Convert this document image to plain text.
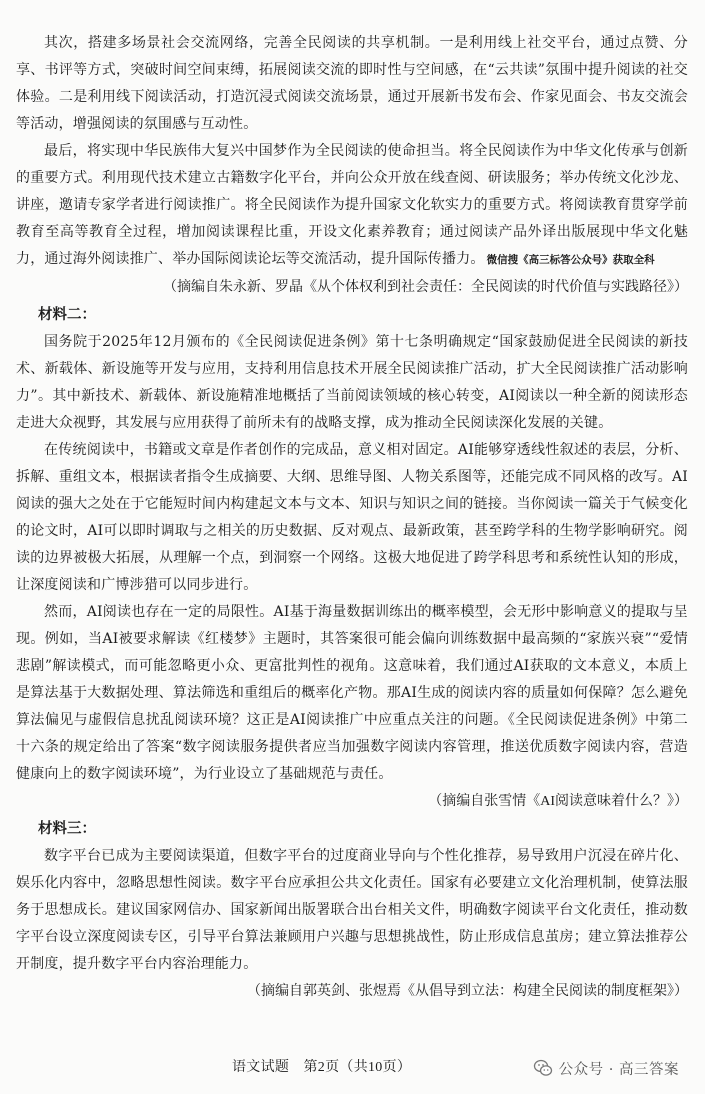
其次，搭建多场景社会交流网络，完善全民阅读的共享机制。一是利用线上社交平台，通过点赞、分享、书评等方式，突破时间空间束缚，拓展阅读交流的即时性与空间感，在“云共读”氛围中提升阅读的社交体验。二是利用线下阅读活动，打造沉浸式阅读交流场景，通过开展新书发布会、作家见面会、书友交流会等活动，增强阅读的氛围感与互动性。

最后，将实现中华民族伟大复兴中国梦作为全民阅读的使命担当。将全民阅读作为中华文化传承与创新的重要方式。利用现代技术建立古籍数字化平台，并向公众开放在线查阅、研读服务；举办传统文化沙龙、讲座，邀请专家学者进行阅读推广。将全民阅读作为提升国家文化软实力的重要方式。将阅读教育贯穿学前教育至高等教育全过程，增加阅读课程比重，开设文化素养教育；通过阅读产品外译出版展现中华文化魅力，通过海外阅读推广、举办国际阅读论坛等交流活动，提升国际传播力。 微信搜《高三标答公众号》获取全科

（摘编自朱永新、罗晶《从个体权利到社会责任：全民阅读的时代价值与实践路径》）
材料二：

国务院于2025年12月颁布的《全民阅读促进条例》第十七条明确规定“国家鼓励促进全民阅读的新技术、新载体、新设施等开发与应用，支持利用信息技术开展全民阅读推广活动，扩大全民阅读推广活动影响力”。其中新技术、新载体、新设施精准地概括了当前阅读领域的核心转变，AI阅读以一种全新的阅读形态走进大众视野，其发展与应用获得了前所未有的战略支撑，成为推动全民阅读深化发展的关键。

在传统阅读中，书籍或文章是作者创作的完成品，意义相对固定。AI能够穿透线性叙述的表层，分析、拆解、重组文本，根据读者指令生成摘要、大纲、思维导图、人物关系图等，还能完成不同风格的改写。AI阅读的强大之处在于它能短时间内构建起文本与文本、知识与知识之间的链接。当你阅读一篇关于气候变化的论文时，AI可以即时调取与之相关的历史数据、反对观点、最新政策，甚至跨学科的生物学影响研究。阅读的边界被极大拓展，从理解一个点，到洞察一个网络。这极大地促进了跨学科思考和系统性认知的形成，让深度阅读和广博涉猎可以同步进行。

然而，AI阅读也存在一定的局限性。AI基于海量数据训练出的概率模型，会无形中影响意义的提取与呈现。例如，当AI被要求解读《红楼梦》主题时，其答案很可能会偏向训练数据中最高频的“家族兴衰”“爱情悲剧”解读模式，而可能忽略更小众、更富批判性的视角。这意味着，我们通过AI获取的文本意义，本质上是算法基于大数据处理、算法筛选和重组后的概率化产物。那AI生成的阅读内容的质量如何保障？怎么避免算法偏见与虚假信息扰乱阅读环境？这正是AI阅读推广中应重点关注的问题。《全民阅读促进条例》中第二十六条的规定给出了答案“数字阅读服务提供者应当加强数字阅读内容管理，推送优质数字阅读内容，营造健康向上的数字阅读环境”，为行业设立了基础规范与责任。

（摘编自张雪情《AI阅读意味着什么？》）
材料三：

数字平台已成为主要阅读渠道，但数字平台的过度商业导向与个性化推荐，易导致用户沉浸在碎片化、娱乐化内容中，忽略思想性阅读。数字平台应承担公共文化责任。国家有必要建立文化治理机制，使算法服务于思想成长。建议国家网信办、国家新闻出版署联合出台相关文件，明确数字阅读平台文化责任，推动数字平台设立深度阅读专区，引导平台算法兼顾用户兴趣与思想挑战性，防止形成信息茧房；建立算法推荐公开制度，提升数字平台内容治理能力。

（摘编自郭英剑、张煜焉《从倡导到立法：构建全民阅读的制度框架》）
语文试题　第2页（共10页）	公众号 · 高三答案
